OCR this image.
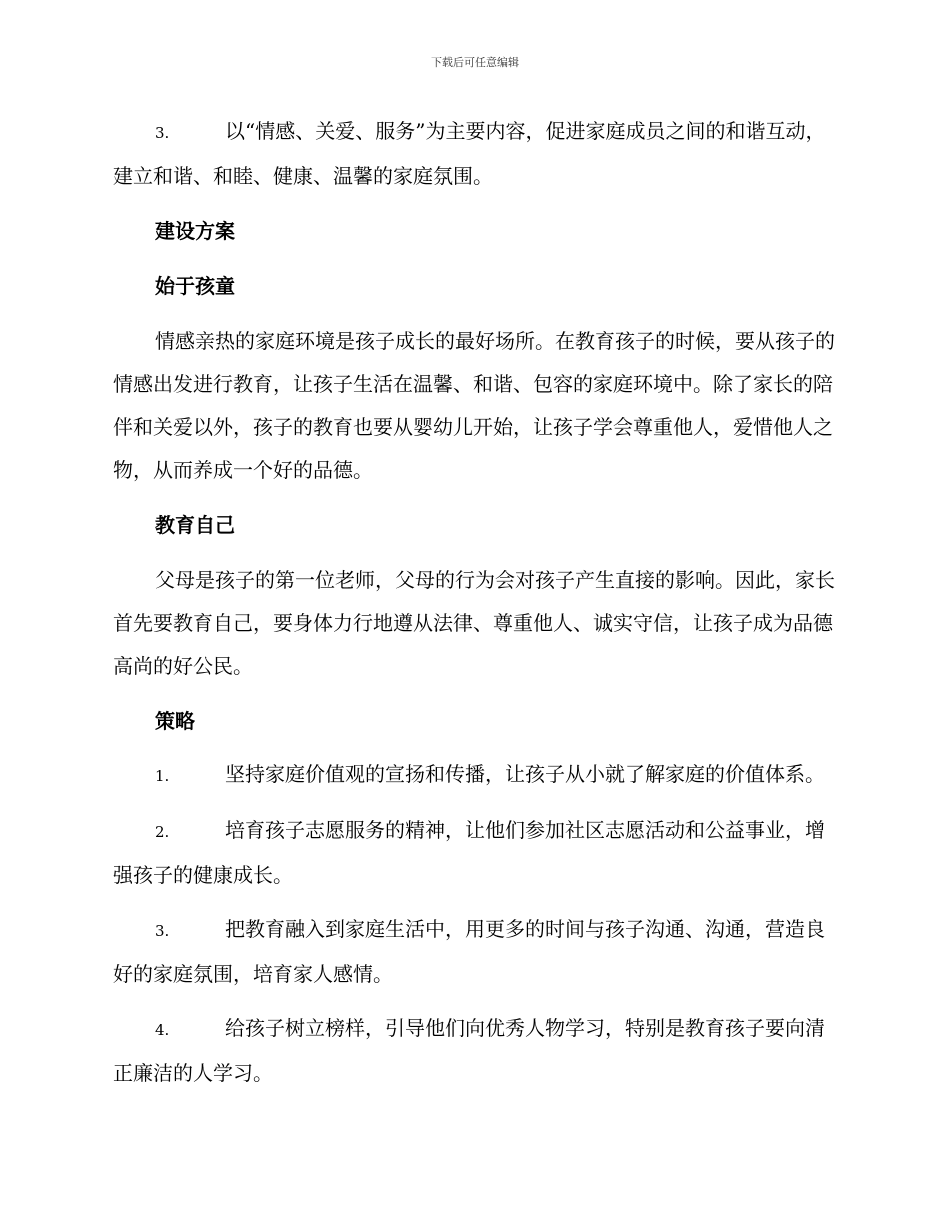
下载后可任意编辑

3.	以“情感、关爱、服务”为主要内容，促进家庭成员之间的和谐互动，建立和谐、和睦、健康、温馨的家庭氛围。

建设方案
始于孩童

情感亲热的家庭环境是孩子成长的最好场所。在教育孩子的时候，要从孩子的情感出发进行教育，让孩子生活在温馨、和谐、包容的家庭环境中。除了家长的陪伴和关爱以外，孩子的教育也要从婴幼儿开始，让孩子学会尊重他人，爱惜他人之物，从而养成一个好的品德。

教育自己

父母是孩子的第一位老师，父母的行为会对孩子产生直接的影响。因此，家长首先要教育自己，要身体力行地遵从法律、尊重他人、诚实守信，让孩子成为品德高尚的好公民。

策略

1.	坚持家庭价值观的宣扬和传播，让孩子从小就了解家庭的价值体系。

2.	培育孩子志愿服务的精神，让他们参加社区志愿活动和公益事业，增强孩子的健康成长。

3.	把教育融入到家庭生活中，用更多的时间与孩子沟通、沟通，营造良好的家庭氛围，培育家人感情。

4.	给孩子树立榜样，引导他们向优秀人物学习，特别是教育孩子要向清正廉洁的人学习。
